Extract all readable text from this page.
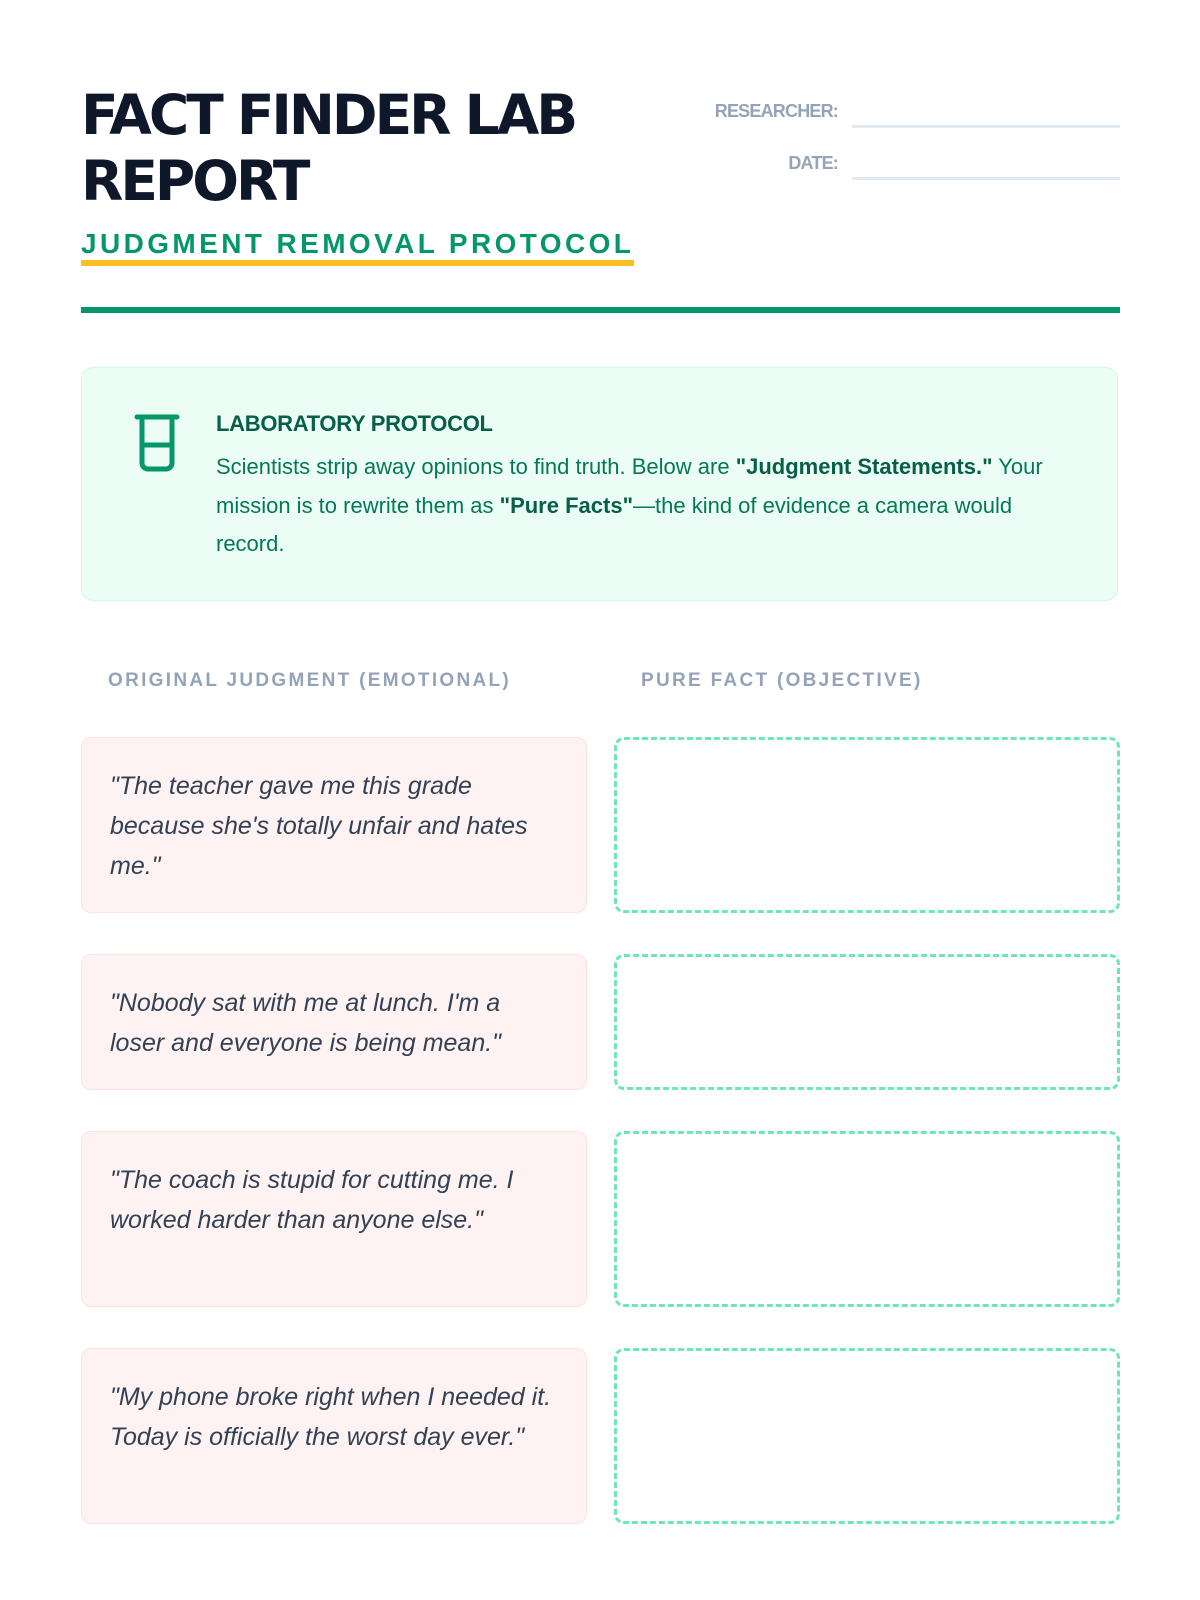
FACT FINDER LAB REPORT
JUDGMENT REMOVAL PROTOCOL
RESEARCHER:
DATE:
LABORATORY PROTOCOL
Scientists strip away opinions to find truth. Below are "Judgment Statements." Your mission is to rewrite them as "Pure Facts"—the kind of evidence a camera would record.
ORIGINAL JUDGMENT (EMOTIONAL)	PURE FACT (OBJECTIVE)
"The teacher gave me this grade because she's totally unfair and hates me."
"Nobody sat with me at lunch. I'm a loser and everyone is being mean."
"The coach is stupid for cutting me. I worked harder than anyone else."
"My phone broke right when I needed it. Today is officially the worst day ever."
